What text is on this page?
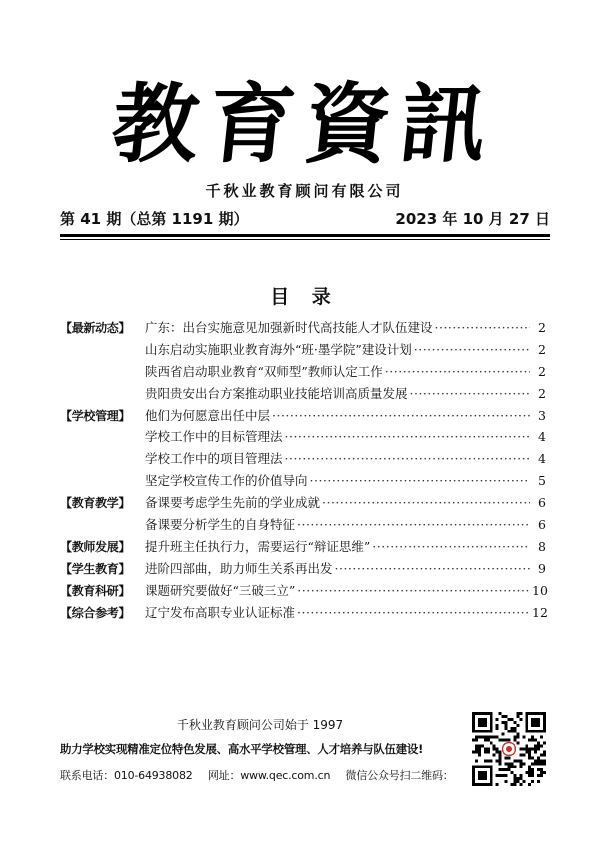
教育資訊
千秋业教育顾问有限公司
第 41 期（总第 1191 期）	2023 年 10 月 27 日
目 录
【最新动态】	广东：出台实施意见加强新时代高技能人才队伍建设 ·····	2
山东启动实施职业教育海外“班·墨学院”建设计划 ·····	2
陕西省启动职业教育“双师型”教师认定工作 ·····	2
贵阳贵安出台方案推动职业技能培训高质量发展 ·····	2
【学校管理】	他们为何愿意出任中层 ·····	3
学校工作中的目标管理法 ·····	4
学校工作中的项目管理法 ·····	4
坚定学校宣传工作的价值导向 ·····	5
【教育教学】	备课要考虑学生先前的学业成就 ·····	6
备课要分析学生的自身特征 ·····	6
【教师发展】	提升班主任执行力，需要运行“辩证思维” ·····	8
【学生教育】	进阶四部曲，助力师生关系再出发 ·····	9
【教育科研】	课题研究要做好“三破三立” ·····	10
【综合参考】	辽宁发布高职专业认证标准 ·····	12
千秋业教育顾问公司始于 1997
助力学校实现精准定位特色发展、高水平学校管理、人才培养与队伍建设!
联系电话：010-64938082 网址：www.qec.com.cn 微信公众号扫二维码：
